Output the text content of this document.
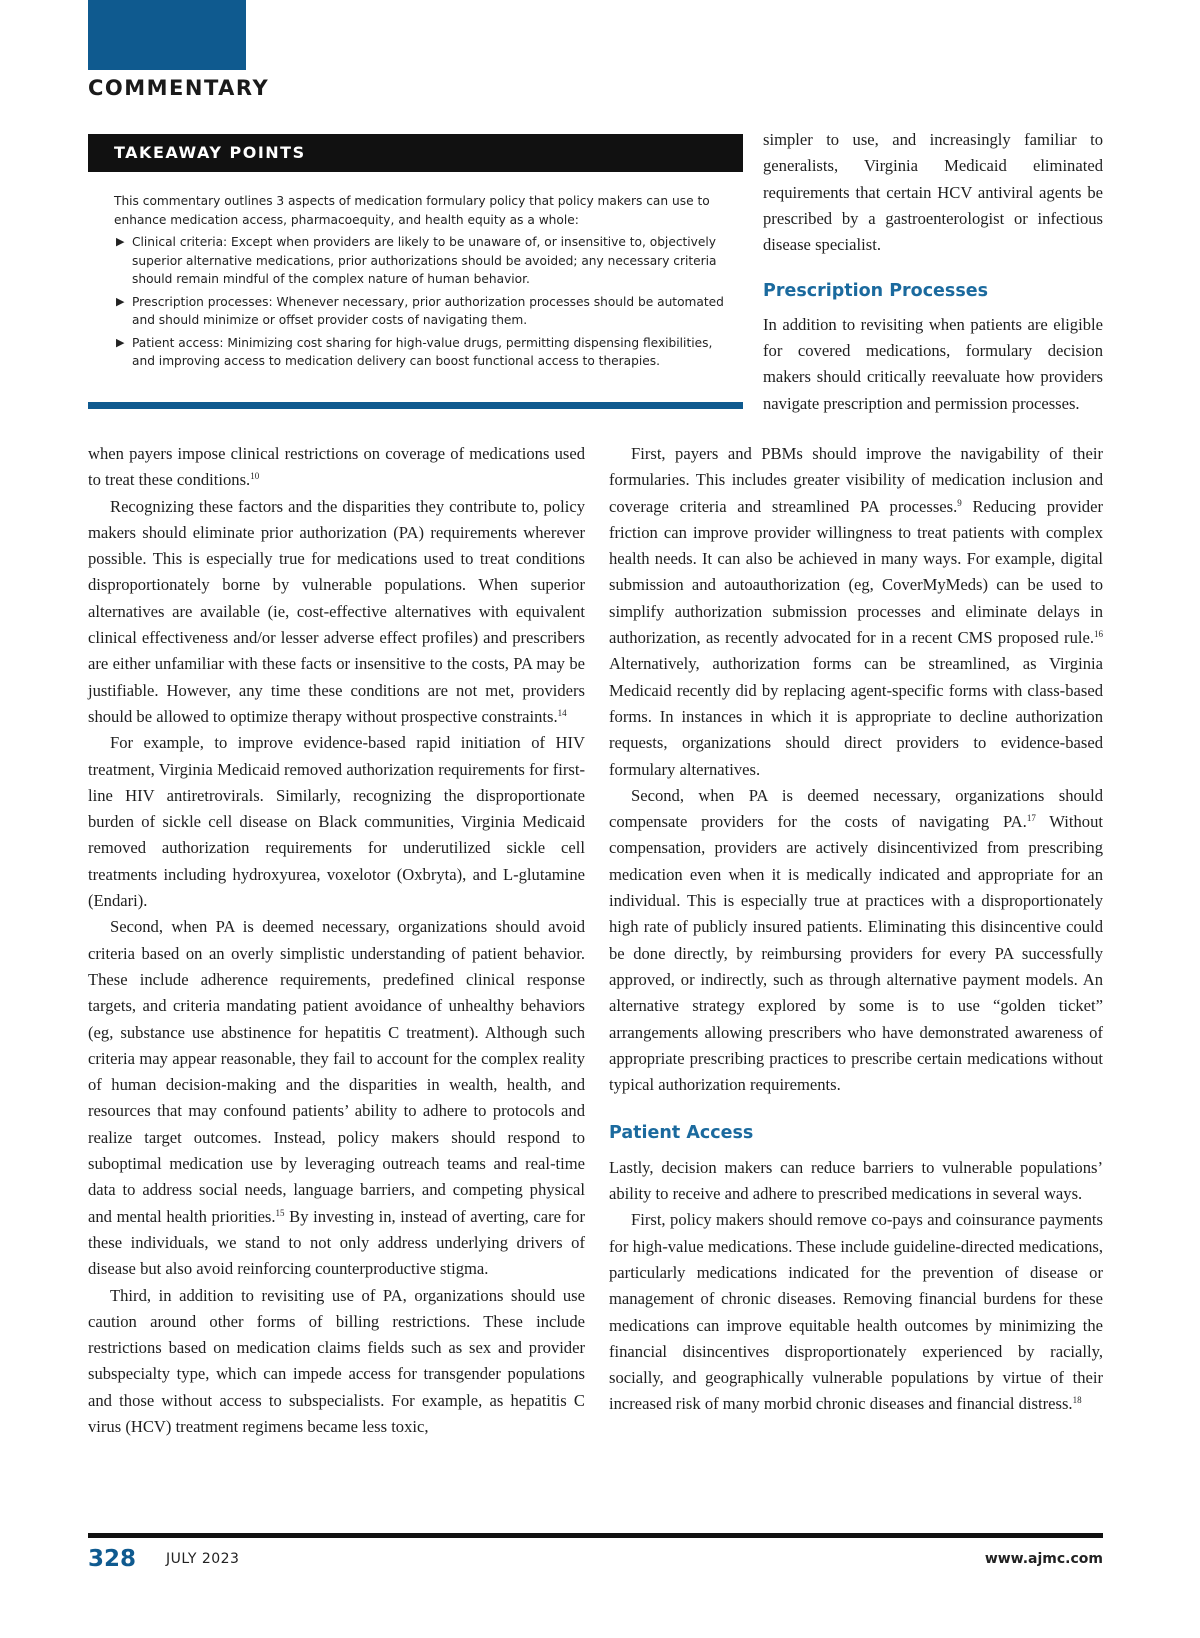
COMMENTARY
TAKEAWAY POINTS

This commentary outlines 3 aspects of medication formulary policy that policy makers can use to enhance medication access, pharmacoequity, and health equity as a whole:

▶ Clinical criteria: Except when providers are likely to be unaware of, or insensitive to, objectively superior alternative medications, prior authorizations should be avoided; any necessary criteria should remain mindful of the complex nature of human behavior.
▶ Prescription processes: Whenever necessary, prior authorization processes should be automated and should minimize or offset provider costs of navigating them.
▶ Patient access: Minimizing cost sharing for high-value drugs, permitting dispensing flexibilities, and improving access to medication delivery can boost functional access to therapies.

simpler to use, and increasingly familiar to generalists, Virginia Medicaid eliminated requirements that certain HCV antiviral agents be prescribed by a gastroenterologist or infectious disease specialist.

Prescription Processes

In addition to revisiting when patients are eligible for covered medications, formulary decision makers should critically reevaluate how providers navigate prescription and permission processes.

when payers impose clinical restrictions on coverage of medications used to treat these conditions.$^{10}$

Recognizing these factors and the disparities they contribute to, policy makers should eliminate prior authorization (PA) requirements wherever possible. This is especially true for medications used to treat conditions disproportionately borne by vulnerable populations. When superior alternatives are available (ie, cost-effective alternatives with equivalent clinical effectiveness and/or lesser adverse effect profiles) and prescribers are either unfamiliar with these facts or insensitive to the costs, PA may be justifiable. However, any time these conditions are not met, providers should be allowed to optimize therapy without prospective constraints.$^{14}$

For example, to improve evidence-based rapid initiation of HIV treatment, Virginia Medicaid removed authorization requirements for first-line HIV antiretrovirals. Similarly, recognizing the disproportionate burden of sickle cell disease on Black communities, Virginia Medicaid removed authorization requirements for underutilized sickle cell treatments including hydroxyurea, voxelotor (Oxbryta), and L-glutamine (Endari).

Second, when PA is deemed necessary, organizations should avoid criteria based on an overly simplistic understanding of patient behavior. These include adherence requirements, predefined clinical response targets, and criteria mandating patient avoidance of unhealthy behaviors (eg, substance use abstinence for hepatitis C treatment). Although such criteria may appear reasonable, they fail to account for the complex reality of human decision-making and the disparities in wealth, health, and resources that may confound patients’ ability to adhere to protocols and realize target outcomes. Instead, policy makers should respond to suboptimal medication use by leveraging outreach teams and real-time data to address social needs, language barriers, and competing physical and mental health priorities.$^{15}$ By investing in, instead of averting, care for these individuals, we stand to not only address underlying drivers of disease but also avoid reinforcing counterproductive stigma.

Third, in addition to revisiting use of PA, organizations should use caution around other forms of billing restrictions. These include restrictions based on medication claims fields such as sex and provider subspecialty type, which can impede access for transgender populations and those without access to subspecialists. For example, as hepatitis C virus (HCV) treatment regimens became less toxic,

First, payers and PBMs should improve the navigability of their formularies. This includes greater visibility of medication inclusion and coverage criteria and streamlined PA processes.$^9$ Reducing provider friction can improve provider willingness to treat patients with complex health needs. It can also be achieved in many ways. For example, digital submission and autoauthorization (eg, CoverMyMeds) can be used to simplify authorization submission processes and eliminate delays in authorization, as recently advocated for in a recent CMS proposed rule.$^{16}$ Alternatively, authorization forms can be streamlined, as Virginia Medicaid recently did by replacing agent-specific forms with class-based forms. In instances in which it is appropriate to decline authorization requests, organizations should direct providers to evidence-based formulary alternatives.

Second, when PA is deemed necessary, organizations should compensate providers for the costs of navigating PA.$^{17}$ Without compensation, providers are actively disincentivized from prescribing medication even when it is medically indicated and appropriate for an individual. This is especially true at practices with a disproportionately high rate of publicly insured patients. Eliminating this disincentive could be done directly, by reimbursing providers for every PA successfully approved, or indirectly, such as through alternative payment models. An alternative strategy explored by some is to use “golden ticket” arrangements allowing prescribers who have demonstrated awareness of appropriate prescribing practices to prescribe certain medications without typical authorization requirements.

Patient Access

Lastly, decision makers can reduce barriers to vulnerable populations’ ability to receive and adhere to prescribed medications in several ways.

First, policy makers should remove co-pays and coinsurance payments for high-value medications. These include guideline-directed medications, particularly medications indicated for the prevention of disease or management of chronic diseases. Removing financial burdens for these medications can improve equitable health outcomes by minimizing the financial disincentives disproportionately experienced by racially, socially, and geographically vulnerable populations by virtue of their increased risk of many morbid chronic diseases and financial distress.$^{18}$

328 JULY 2023	www.ajmc.com
